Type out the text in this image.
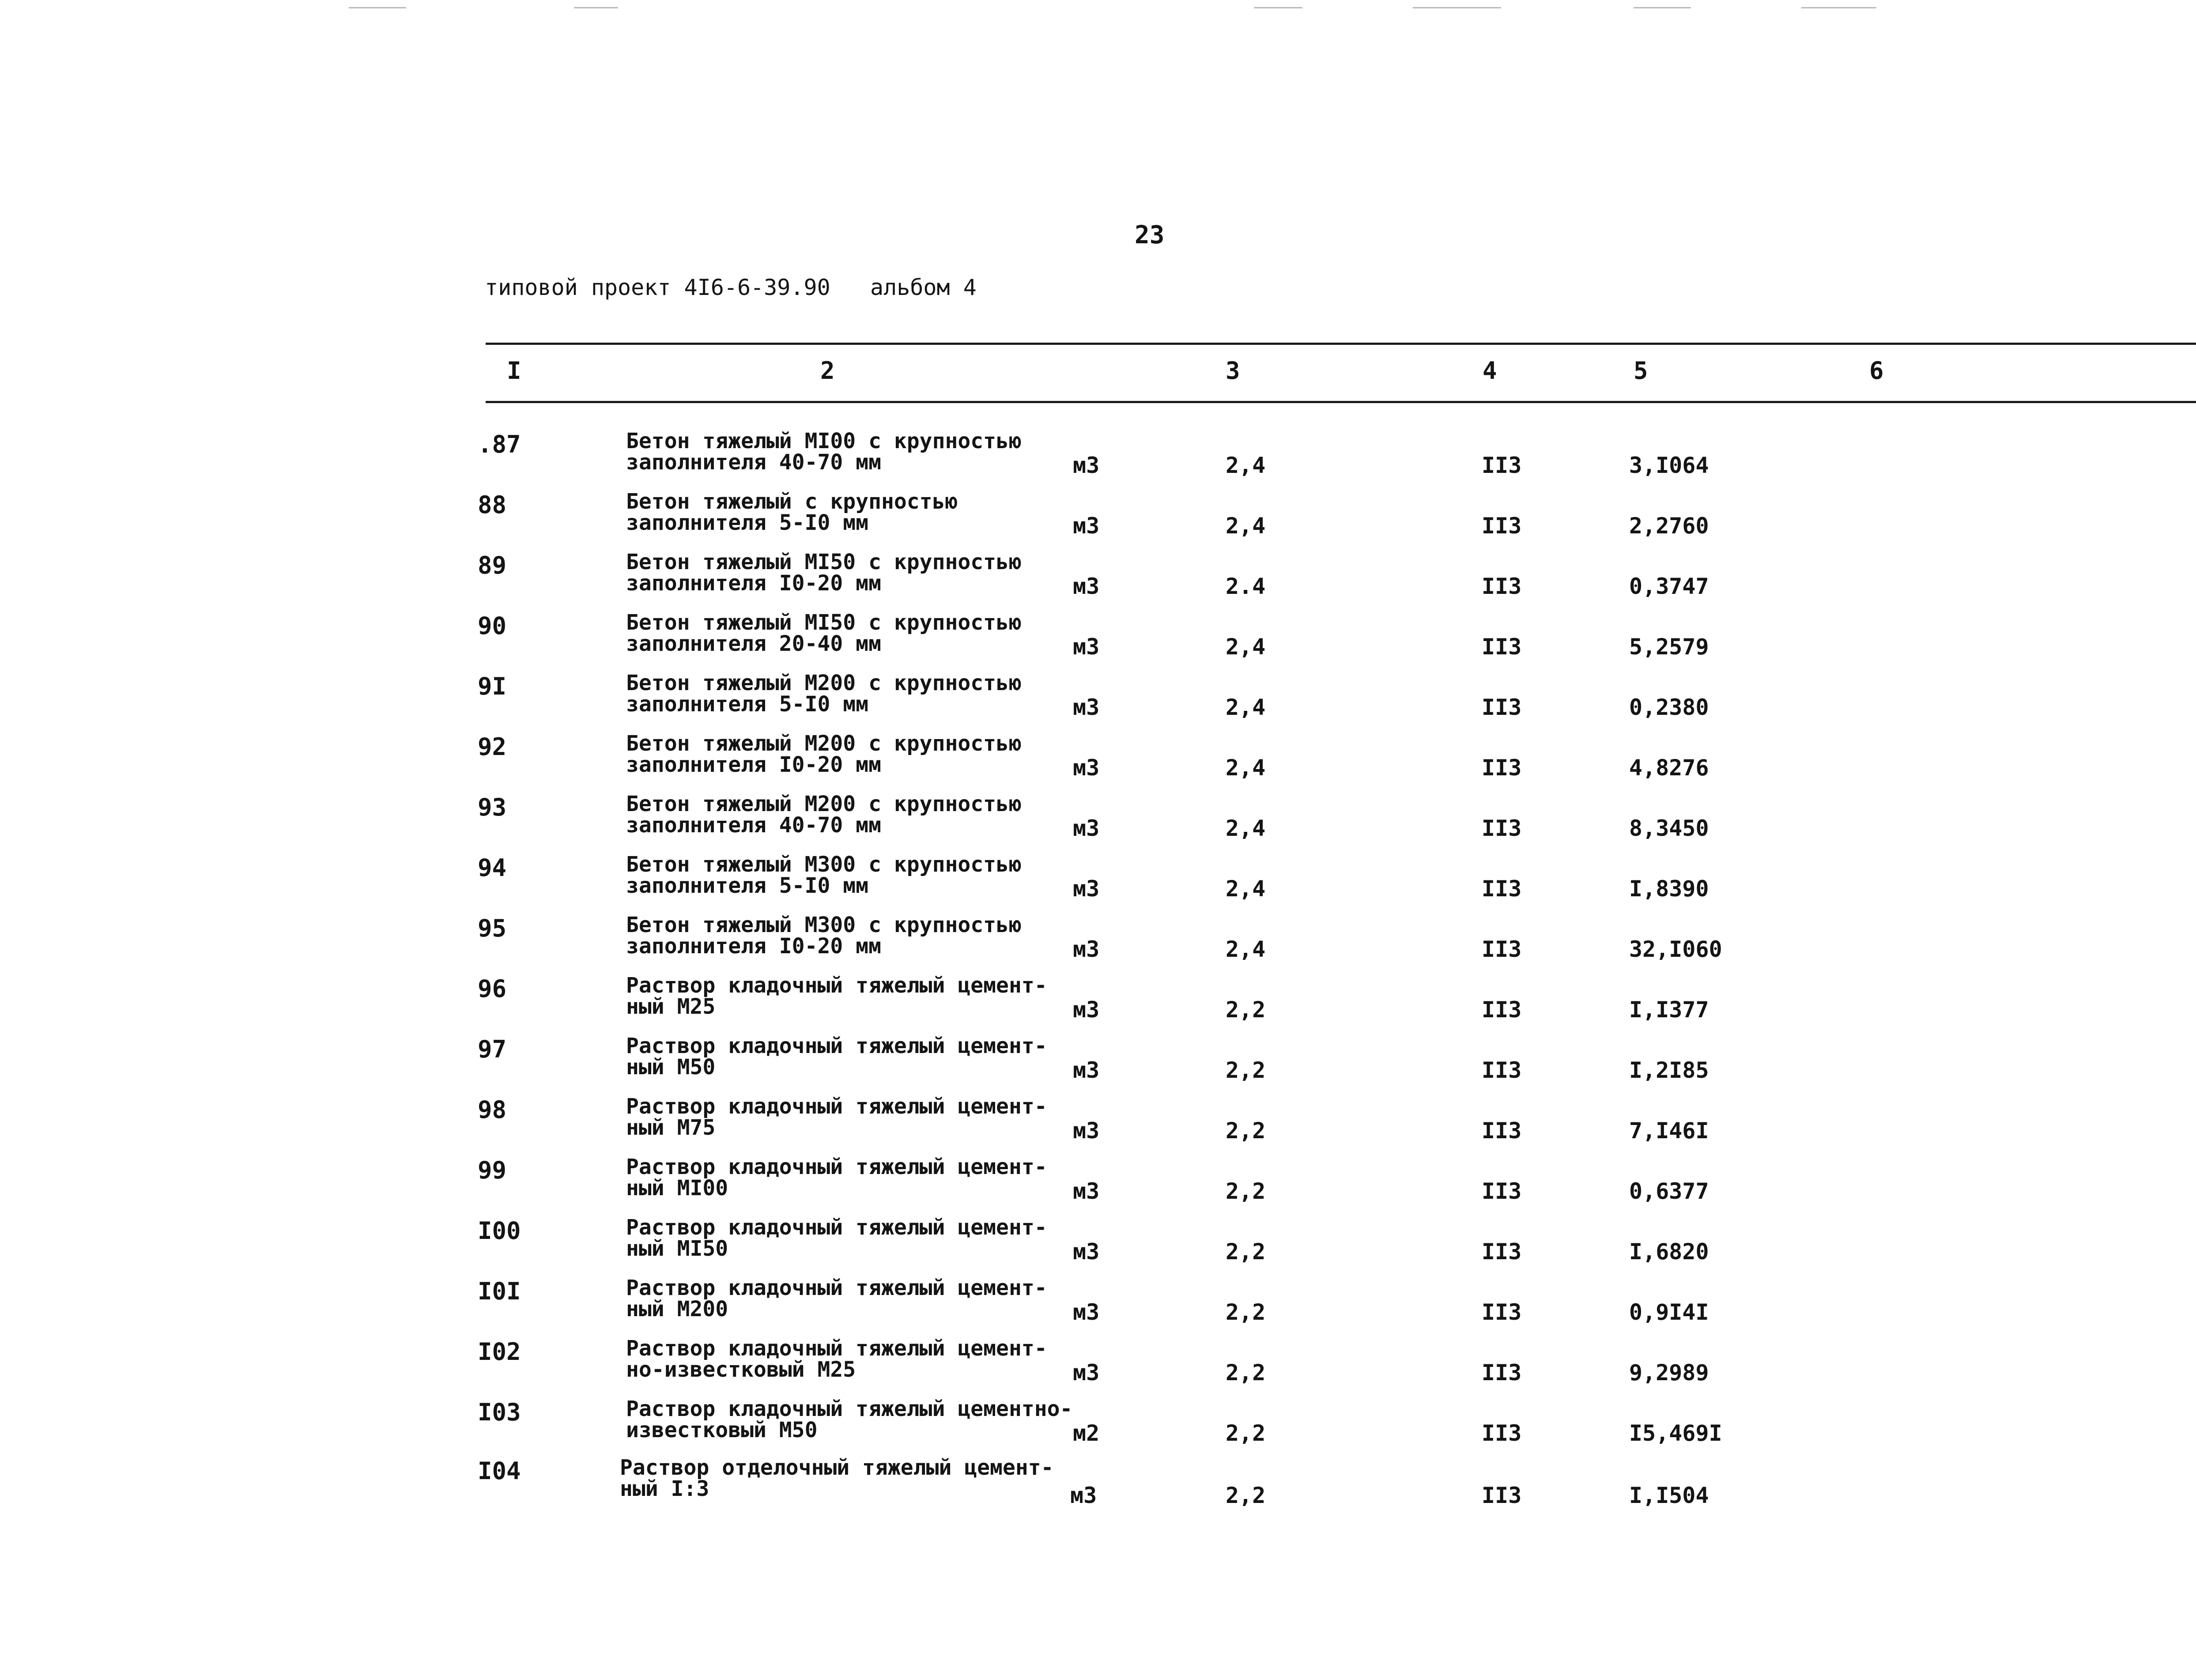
23
типовой проект 4I6-6-39.90 альбом 4
I	2	3	4	5	6
.87	Бетон тяжелый МI00 с крупностью
заполнителя 40-70 мм	м3	2,4	II3	3,I064
88	Бетон тяжелый с крупностью
заполнителя 5-I0 мм	м3	2,4	II3	2,2760
89	Бетон тяжелый МI50 с крупностью
заполнителя I0-20 мм	м3	2.4	II3	0,3747
90	Бетон тяжелый МI50 с крупностью
заполнителя 20-40 мм	м3	2,4	II3	5,2579
9I	Бетон тяжелый М200 с крупностью
заполнителя 5-I0 мм	м3	2,4	II3	0,2380
92	Бетон тяжелый М200 с крупностью
заполнителя I0-20 мм	м3	2,4	II3	4,8276
93	Бетон тяжелый М200 с крупностью
заполнителя 40-70 мм	м3	2,4	II3	8,3450
94	Бетон тяжелый М300 с крупностью
заполнителя 5-I0 мм	м3	2,4	II3	I,8390
95	Бетон тяжелый М300 с крупностью
заполнителя I0-20 мм	м3	2,4	II3	32,I060
96	Раствор кладочный тяжелый цемент-
ный М25	м3	2,2	II3	I,I377
97	Раствор кладочный тяжелый цемент-
ный М50	м3	2,2	II3	I,2I85
98	Раствор кладочный тяжелый цемент-
ный М75	м3	2,2	II3	7,I46I
99	Раствор кладочный тяжелый цемент-
ный МI00	м3	2,2	II3	0,6377
I00	Раствор кладочный тяжелый цемент-
ный МI50	м3	2,2	II3	I,6820
I0I	Раствор кладочный тяжелый цемент-
ный М200	м3	2,2	II3	0,9I4I
I02	Раствор кладочный тяжелый цемент-
но-известковый М25	м3	2,2	II3	9,2989
I03	Раствор кладочный тяжелый цементно-
известковый М50	м2	2,2	II3	I5,469I
I04	Раствор отделочный тяжелый цемент-
ный I:3	м3	2,2	II3	I,I504
